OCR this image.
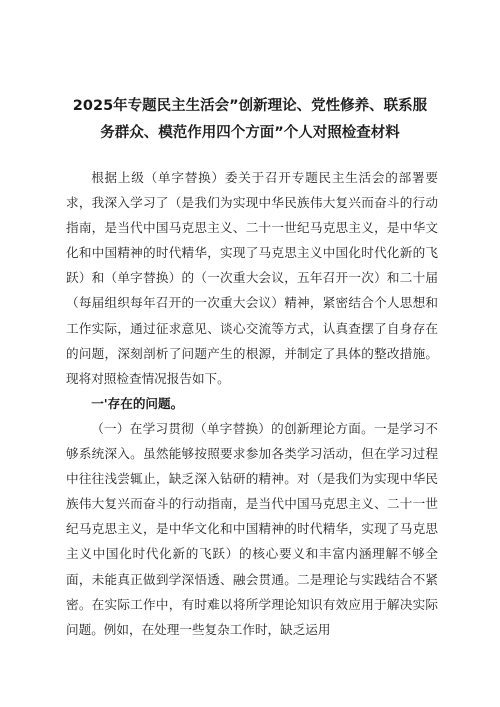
2025年专题民主生活会”创新理论、党性修养、联系服
务群众、模范作用四个方面”个人对照检查材料

根据上级（单字替换）委关于召开专题民主生活会的部署要求，我深入学习了（是我们为实现中华民族伟大复兴而奋斗的行动指南，是当代中国马克思主义、二十一世纪马克思主义，是中华文化和中国精神的时代精华，实现了马克思主义中国化时代化新的飞跃）和（单字替换）的（一次重大会议，五年召开一次）和二十届（每届组织每年召开的一次重大会议）精神，紧密结合个人思想和工作实际，通过征求意见、谈心交流等方式，认真查摆了自身存在的问题，深刻剖析了问题产生的根源，并制定了具体的整改措施。现将对照检查情况报告如下。

一'存在的问题。

（一）在学习贯彻（单字替换）的创新理论方面。一是学习不够系统深入。虽然能够按照要求参加各类学习活动，但在学习过程中往往浅尝辄止，缺乏深入钻研的精神。对（是我们为实现中华民族伟大复兴而奋斗的行动指南，是当代中国马克思主义、二十一世纪马克思主义，是中华文化和中国精神的时代精华，实现了马克思主义中国化时代化新的飞跃）的核心要义和丰富内涵理解不够全面，未能真正做到学深悟透、融会贯通。二是理论与实践结合不紧密。在实际工作中，有时难以将所学理论知识有效应用于解决实际问题。例如，在处理一些复杂工作时，缺乏运用
